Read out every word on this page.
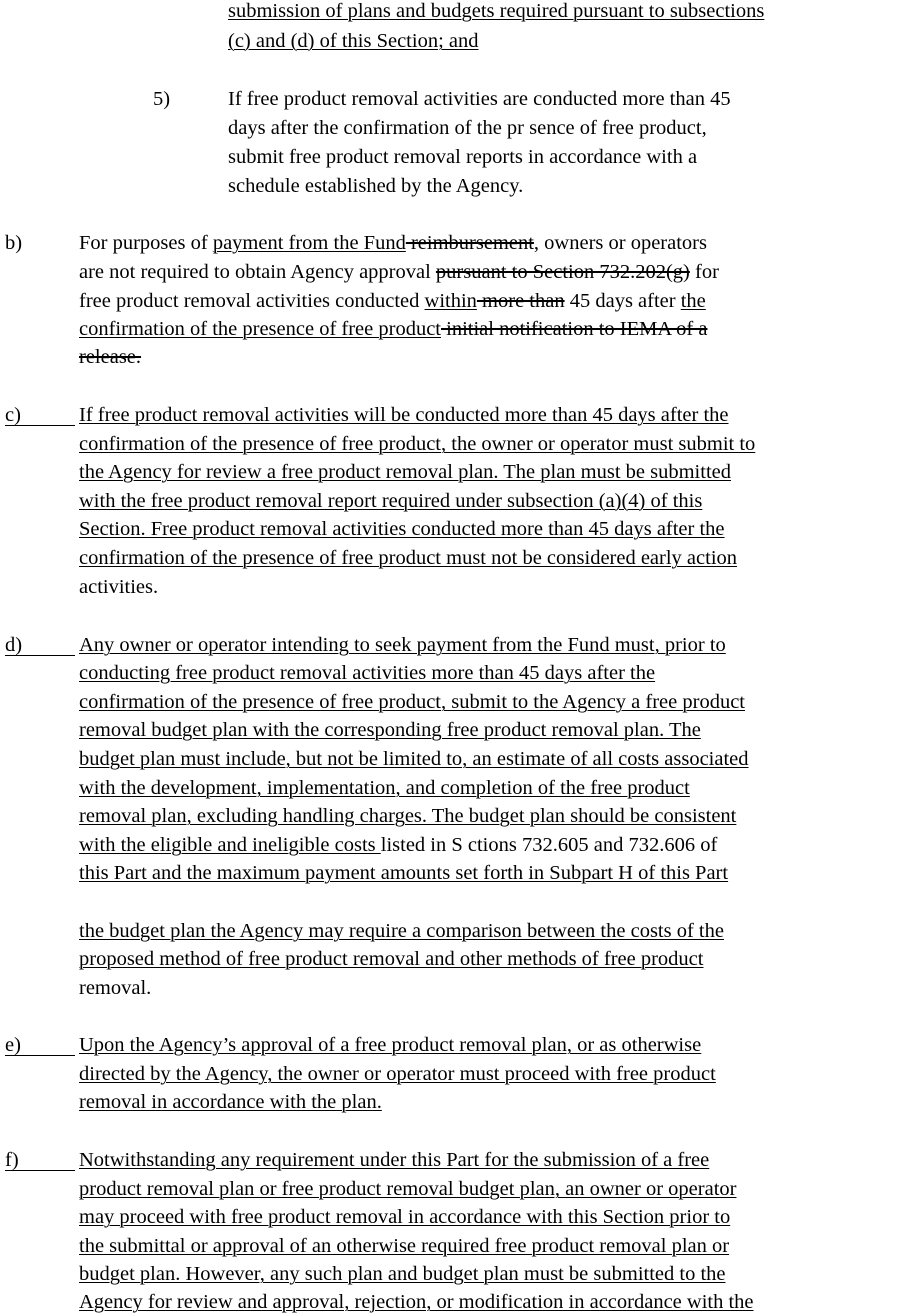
submission of plans and budgets required pursuant to subsections
(c) and (d) of this Section; and
5)	If free product removal activities are conducted more than 45
days after the confirmation of the pr sence of free product,
submit free product removal reports in accordance with a
schedule established by the Agency.
b)	For purposes of payment from the Fund reimbursement, owners or operators
are not required to obtain Agency approval pursuant to Section 732.202(g) for
free product removal activities conducted within more than 45 days after the
confirmation of the presence of free product initial notification to IEMA of a
release.
c)	If free product removal activities will be conducted more than 45 days after the
confirmation of the presence of free product, the owner or operator must submit to
the Agency for review a free product removal plan. The plan must be submitted
with the free product removal report required under subsection (a)(4) of this
Section. Free product removal activities conducted more than 45 days after the
confirmation of the presence of free product must not be considered early action
activities.
d)	Any owner or operator intending to seek payment from the Fund must, prior to
conducting free product removal activities more than 45 days after the
confirmation of the presence of free product, submit to the Agency a free product
removal budget plan with the corresponding free product removal plan. The
budget plan must include, but not be limited to, an estimate of all costs associated
with the development, implementation, and completion of the free product
removal plan, excluding handling charges. The budget plan should be consistent
with the eligible and ineligible costs listed in S ctions 732.605 and 732.606 of
this Part and the maximum payment amounts set forth in Subpart H of this Part
the budget plan the Agency may require a comparison between the costs of the
proposed method of free product removal and other methods of free product
removal.
e)	Upon the Agency’s approval of a free product removal plan, or as otherwise
directed by the Agency, the owner or operator must proceed with free product
removal in accordance with the plan.
f)	Notwithstanding any requirement under this Part for the submission of a free
product removal plan or free product removal budget plan, an owner or operator
may proceed with free product removal in accordance with this Section prior to
the submittal or approval of an otherwise required free product removal plan or
budget plan. However, any such plan and budget plan must be submitted to the
Agency for review and approval, rejection, or modification in accordance with the
